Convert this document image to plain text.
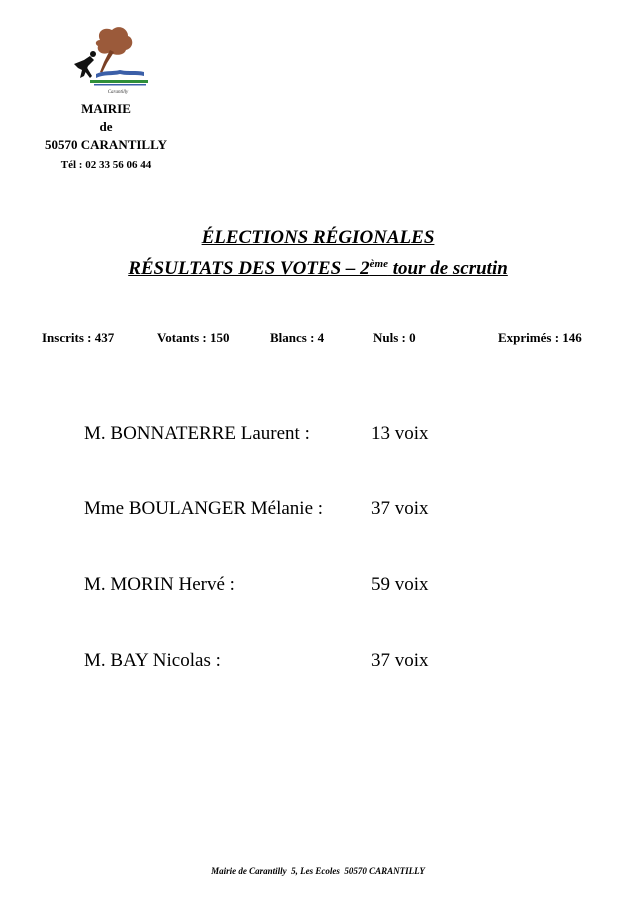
Carantilly
MAIRIE
de
50570 CARANTILLY
Tél : 02 33 56 06 44
ÉLECTIONS RÉGIONALES
RÉSULTATS DES VOTES – 2ème tour de scrutin
Inscrits : 437	Votants : 150	Blancs : 4	Nuls : 0	Exprimés : 146
M. BONNATERRE Laurent :	13 voix
Mme BOULANGER Mélanie :	37 voix
M. MORIN Hervé :	59 voix
M. BAY Nicolas :	37 voix
Mairie de Carantilly  5, Les Ecoles  50570 CARANTILLY
